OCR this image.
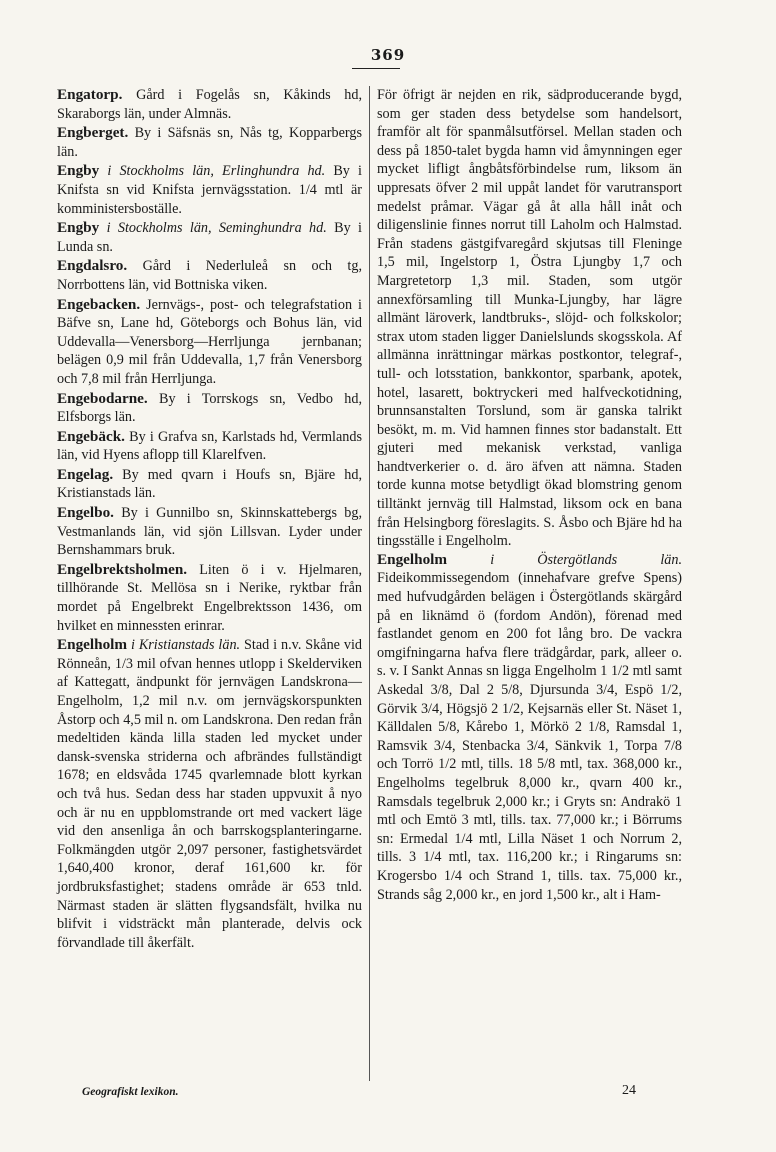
369

Engatorp. Gård i Fogelås sn, Kåkinds hd, Skaraborgs län, under Almnäs.

Engberget. By i Säfsnäs sn, Nås tg, Kopparbergs län.

Engby i Stockholms län, Erlinghundra hd. By i Knifsta sn vid Knifsta jernvägsstation. 1/4 mtl är komministersboställe.

Engby i Stockholms län, Seminghundra hd. By i Lunda sn.

Engdalsro. Gård i Nederluleå sn och tg, Norrbottens län, vid Bottniska viken.

Engebacken. Jernvägs-, post- och telegrafstation i Bäfve sn, Lane hd, Göteborgs och Bohus län, vid Uddevalla—Venersborg—Herrljunga jernbanan; belägen 0,9 mil från Uddevalla, 1,7 från Venersborg och 7,8 mil från Herrljunga.

Engebodarne. By i Torrskogs sn, Vedbo hd, Elfsborgs län.

Engebäck. By i Grafva sn, Karlstads hd, Vermlands län, vid Hyens aflopp till Klarelfven.

Engelag. By med qvarn i Houfs sn, Bjäre hd, Kristianstads län.

Engelbo. By i Gunnilbo sn, Skinnskattebergs bg, Vestmanlands län, vid sjön Lillsvan. Lyder under Bernshammars bruk.

Engelbrektsholmen. Liten ö i v. Hjelmaren, tillhörande St. Mellösa sn i Nerike, ryktbar från mordet på Engelbrekt Engelbrektsson 1436, om hvilket en minnessten erinrar.

Engelholm i Kristianstads län. Stad i n.v. Skåne vid Rönneån, 1/3 mil ofvan hennes utlopp i Skelderviken af Kattegatt, ändpunkt för jernvägen Landskrona—Engelholm, 1,2 mil n.v. om jernvägskorspunkten Åstorp och 4,5 mil n. om Landskrona. Den redan från medeltiden kända lilla staden led mycket under dansk-svenska striderna och afbrändes fullständigt 1678; en eldsvåda 1745 qvarlemnade blott kyrkan och två hus. Sedan dess har staden uppvuxit å nyo och är nu en uppblomstrande ort med vackert läge vid den ansenliga ån och barrskogsplanteringarne. Folkmängden utgör 2,097 personer, fastighetsvärdet 1,640,400 kronor, deraf 161,600 kr. för jordbruksfastighet; stadens område är 653 tnld. Närmast staden är slätten flygsandsfält, hvilka nu blifvit i vidsträckt mån planterade, delvis ock förvandlade till åkerfält.

För öfrigt är nejden en rik, sädproducerande bygd, som ger staden dess betydelse som handelsort, framför alt för spanmålsutförsel. Mellan staden och dess på 1850-talet bygda hamn vid åmynningen eger mycket lifligt ångbåtsförbindelse rum, liksom än uppresats öfver 2 mil uppåt landet för varutransport medelst pråmar. Vägar gå åt alla håll inåt och diligenslinie finnes norrut till Laholm och Halmstad. Från stadens gästgifvaregård skjutsas till Fleninge 1,5 mil, Ingelstorp 1, Östra Ljungby 1,7 och Margretetorp 1,3 mil. Staden, som utgör annexförsamling till Munka-Ljungby, har lägre allmänt läroverk, landtbruks-, slöjd- och folkskolor; strax utom staden ligger Danielslunds skogsskola. Af allmänna inrättningar märkas postkontor, telegraf-, tull- och lotsstation, bankkontor, sparbank, apotek, hotel, lasarett, boktryckeri med halfveckotidning, brunnsanstalten Torslund, som är ganska talrikt besökt, m. m. Vid hamnen finnes stor badanstalt. Ett gjuteri med mekanisk verkstad, vanliga handtverkerier o. d. äro äfven att nämna. Staden torde kunna motse betydligt ökad blomstring genom tilltänkt jernväg till Halmstad, liksom ock en bana från Helsingborg föreslagits. S. Åsbo och Bjäre hd ha tingsställe i Engelholm.

Engelholm i Östergötlands län. Fideikommissegendom (innehafvare grefve Spens) med hufvudgården belägen i Östergötlands skärgård på en liknämd ö (fordom Andön), förenad med fastlandet genom en 200 fot lång bro. De vackra omgifningarna hafva flere trädgårdar, park, alleer o. s. v. I Sankt Annas sn ligga Engelholm 1 1/2 mtl samt Askedal 3/8, Dal 2 5/8, Djursunda 3/4, Espö 1/2, Görvik 3/4, Högsjö 2 1/2, Kejsarnäs eller St. Näset 1, Källdalen 5/8, Kårebo 1, Mörkö 2 1/8, Ramsdal 1, Ramsvik 3/4, Stenbacka 3/4, Sänkvik 1, Torpa 7/8 och Torrö 1/2 mtl, tills. 18 5/8 mtl, tax. 368,000 kr., Engelholms tegelbruk 8,000 kr., qvarn 400 kr., Ramsdals tegelbruk 2,000 kr.; i Gryts sn: Andrakö 1 mtl och Emtö 3 mtl, tills. tax. 77,000 kr.; i Börrums sn: Ermedal 1/4 mtl, Lilla Näset 1 och Norrum 2, tills. 3 1/4 mtl, tax. 116,200 kr.; i Ringarums sn: Krogersbo 1/4 och Strand 1, tills. tax. 75,000 kr., Strands såg 2,000 kr., en jord 1,500 kr., alt i Ham-

Geografiskt lexikon.	24
